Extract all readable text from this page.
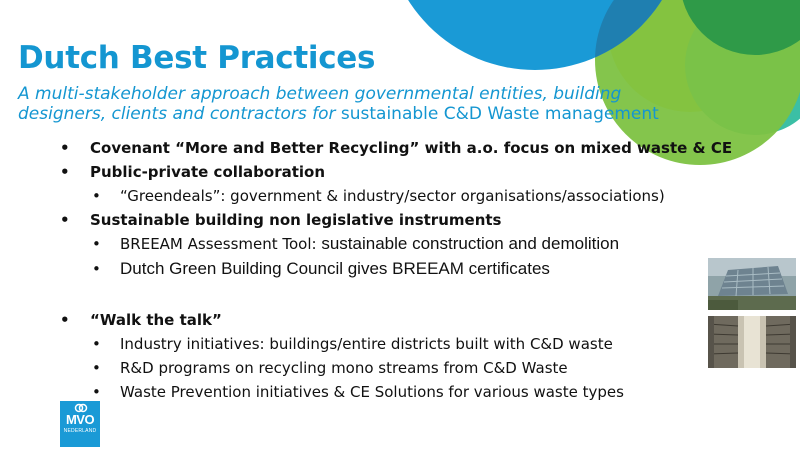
Dutch Best Practices
A multi-stakeholder approach between governmental entities, building
designers, clients and contractors for sustainable C&D Waste management
• Covenant “More and Better Recycling” with a.o. focus on mixed waste & CE
• Public-private collaboration
• “Greendeals”: government & industry/sector organisations/associations)
• Sustainable building non legislative instruments
• BREEAM Assessment Tool: sustainable construction and demolition
• Dutch Green Building Council gives BREEAM certificates
• “Walk the talk”
• Industry initiatives: buildings/entire districts built with C&D waste
• R&D programs on recycling mono streams from C&D Waste
• Waste Prevention initiatives & CE Solutions for various waste types
MVO
NEDERLAND
